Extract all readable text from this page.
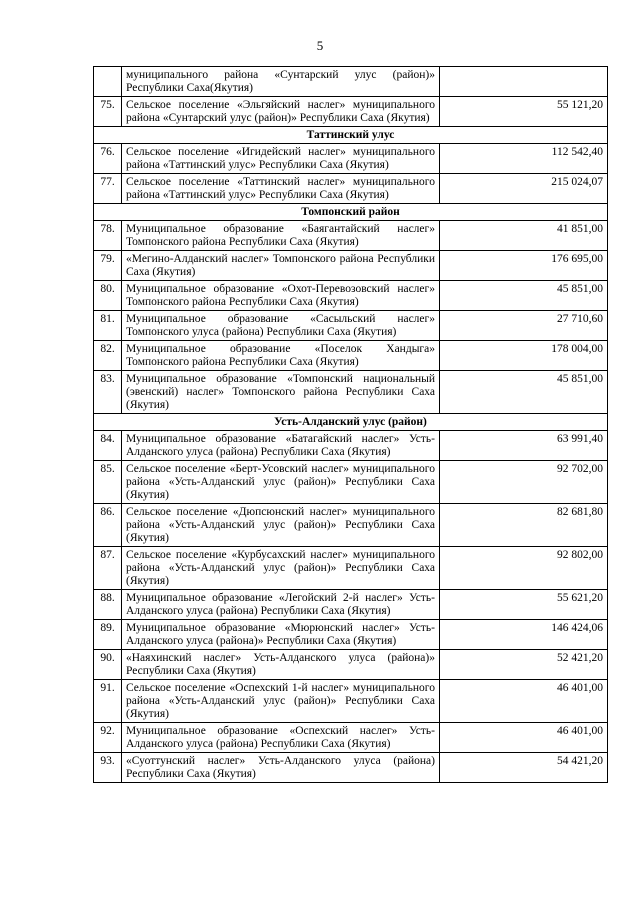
5
	муниципального района «Сунтарский улус (район)» Республики Саха(Якутия)	
75.	Сельское поселение «Эльгяйский наслег» муниципального района «Сунтарский улус (район)» Республики Саха (Якутия)	55 121,20
Таттинский улус		
76.	Сельское поселение «Игидейский наслег» муниципального района «Таттинский улус» Республики Саха (Якутия)	112 542,40
77.	Сельское поселение «Таттинский наслег» муниципального района «Таттинский улус» Республики Саха (Якутия)	215 024,07
Томпонский район		
78.	Муниципальное образование «Баягантайский наслег» Томпонского района Республики Саха (Якутия)	41 851,00
79.	«Мегино-Алданский наслег» Томпонского района Республики Саха (Якутия)	176 695,00
80.	Муниципальное образование «Охот-Перевозовский наслег» Томпонского района Республики Саха (Якутия)	45 851,00
81.	Муниципальное образование «Сасыльский наслег» Томпонского улуса (района) Республики Саха (Якутия)	27 710,60
82.	Муниципальное образование «Поселок Хандыга» Томпонского района Республики Саха (Якутия)	178 004,00
83.	Муниципальное образование «Томпонский национальный (эвенский) наслег» Томпонского района Республики Саха (Якутия)	45 851,00
Усть-Алданский улус (район)		
84.	Муниципальное образование «Батагайский наслег» Усть-Алданского улуса (района) Республики Саха (Якутия)	63 991,40
85.	Сельское поселение «Берт-Усовский наслег» муниципального района «Усть-Алданский улус (район)» Республики Саха (Якутия)	92 702,00
86.	Сельское поселение «Дюпсюнский наслег» муниципального района «Усть-Алданский улус (район)» Республики Саха (Якутия)	82 681,80
87.	Сельское поселение «Курбусахский наслег» муниципального района «Усть-Алданский улус (район)» Республики Саха (Якутия)	92 802,00
88.	Муниципальное образование «Легойский 2-й наслег» Усть-Алданского улуса (района) Республики Саха (Якутия)	55 621,20
89.	Муниципальное образование «Мюрюнский наслег» Усть-Алданского улуса (района)» Республики Саха (Якутия)	146 424,06
90.	«Наяхинский наслег» Усть-Алданского улуса (района)» Республики Саха (Якутия)	52 421,20
91.	Сельское поселение «Оспехский 1-й наслег» муниципального района «Усть-Алданский улус (район)» Республики Саха (Якутия)	46 401,00
92.	Муниципальное образование «Оспехский наслег» Усть-Алданского улуса (района) Республики Саха (Якутия)	46 401,00
93.	«Суоттунский наслег» Усть-Алданского улуса (района) Республики Саха (Якутия)	54 421,20
